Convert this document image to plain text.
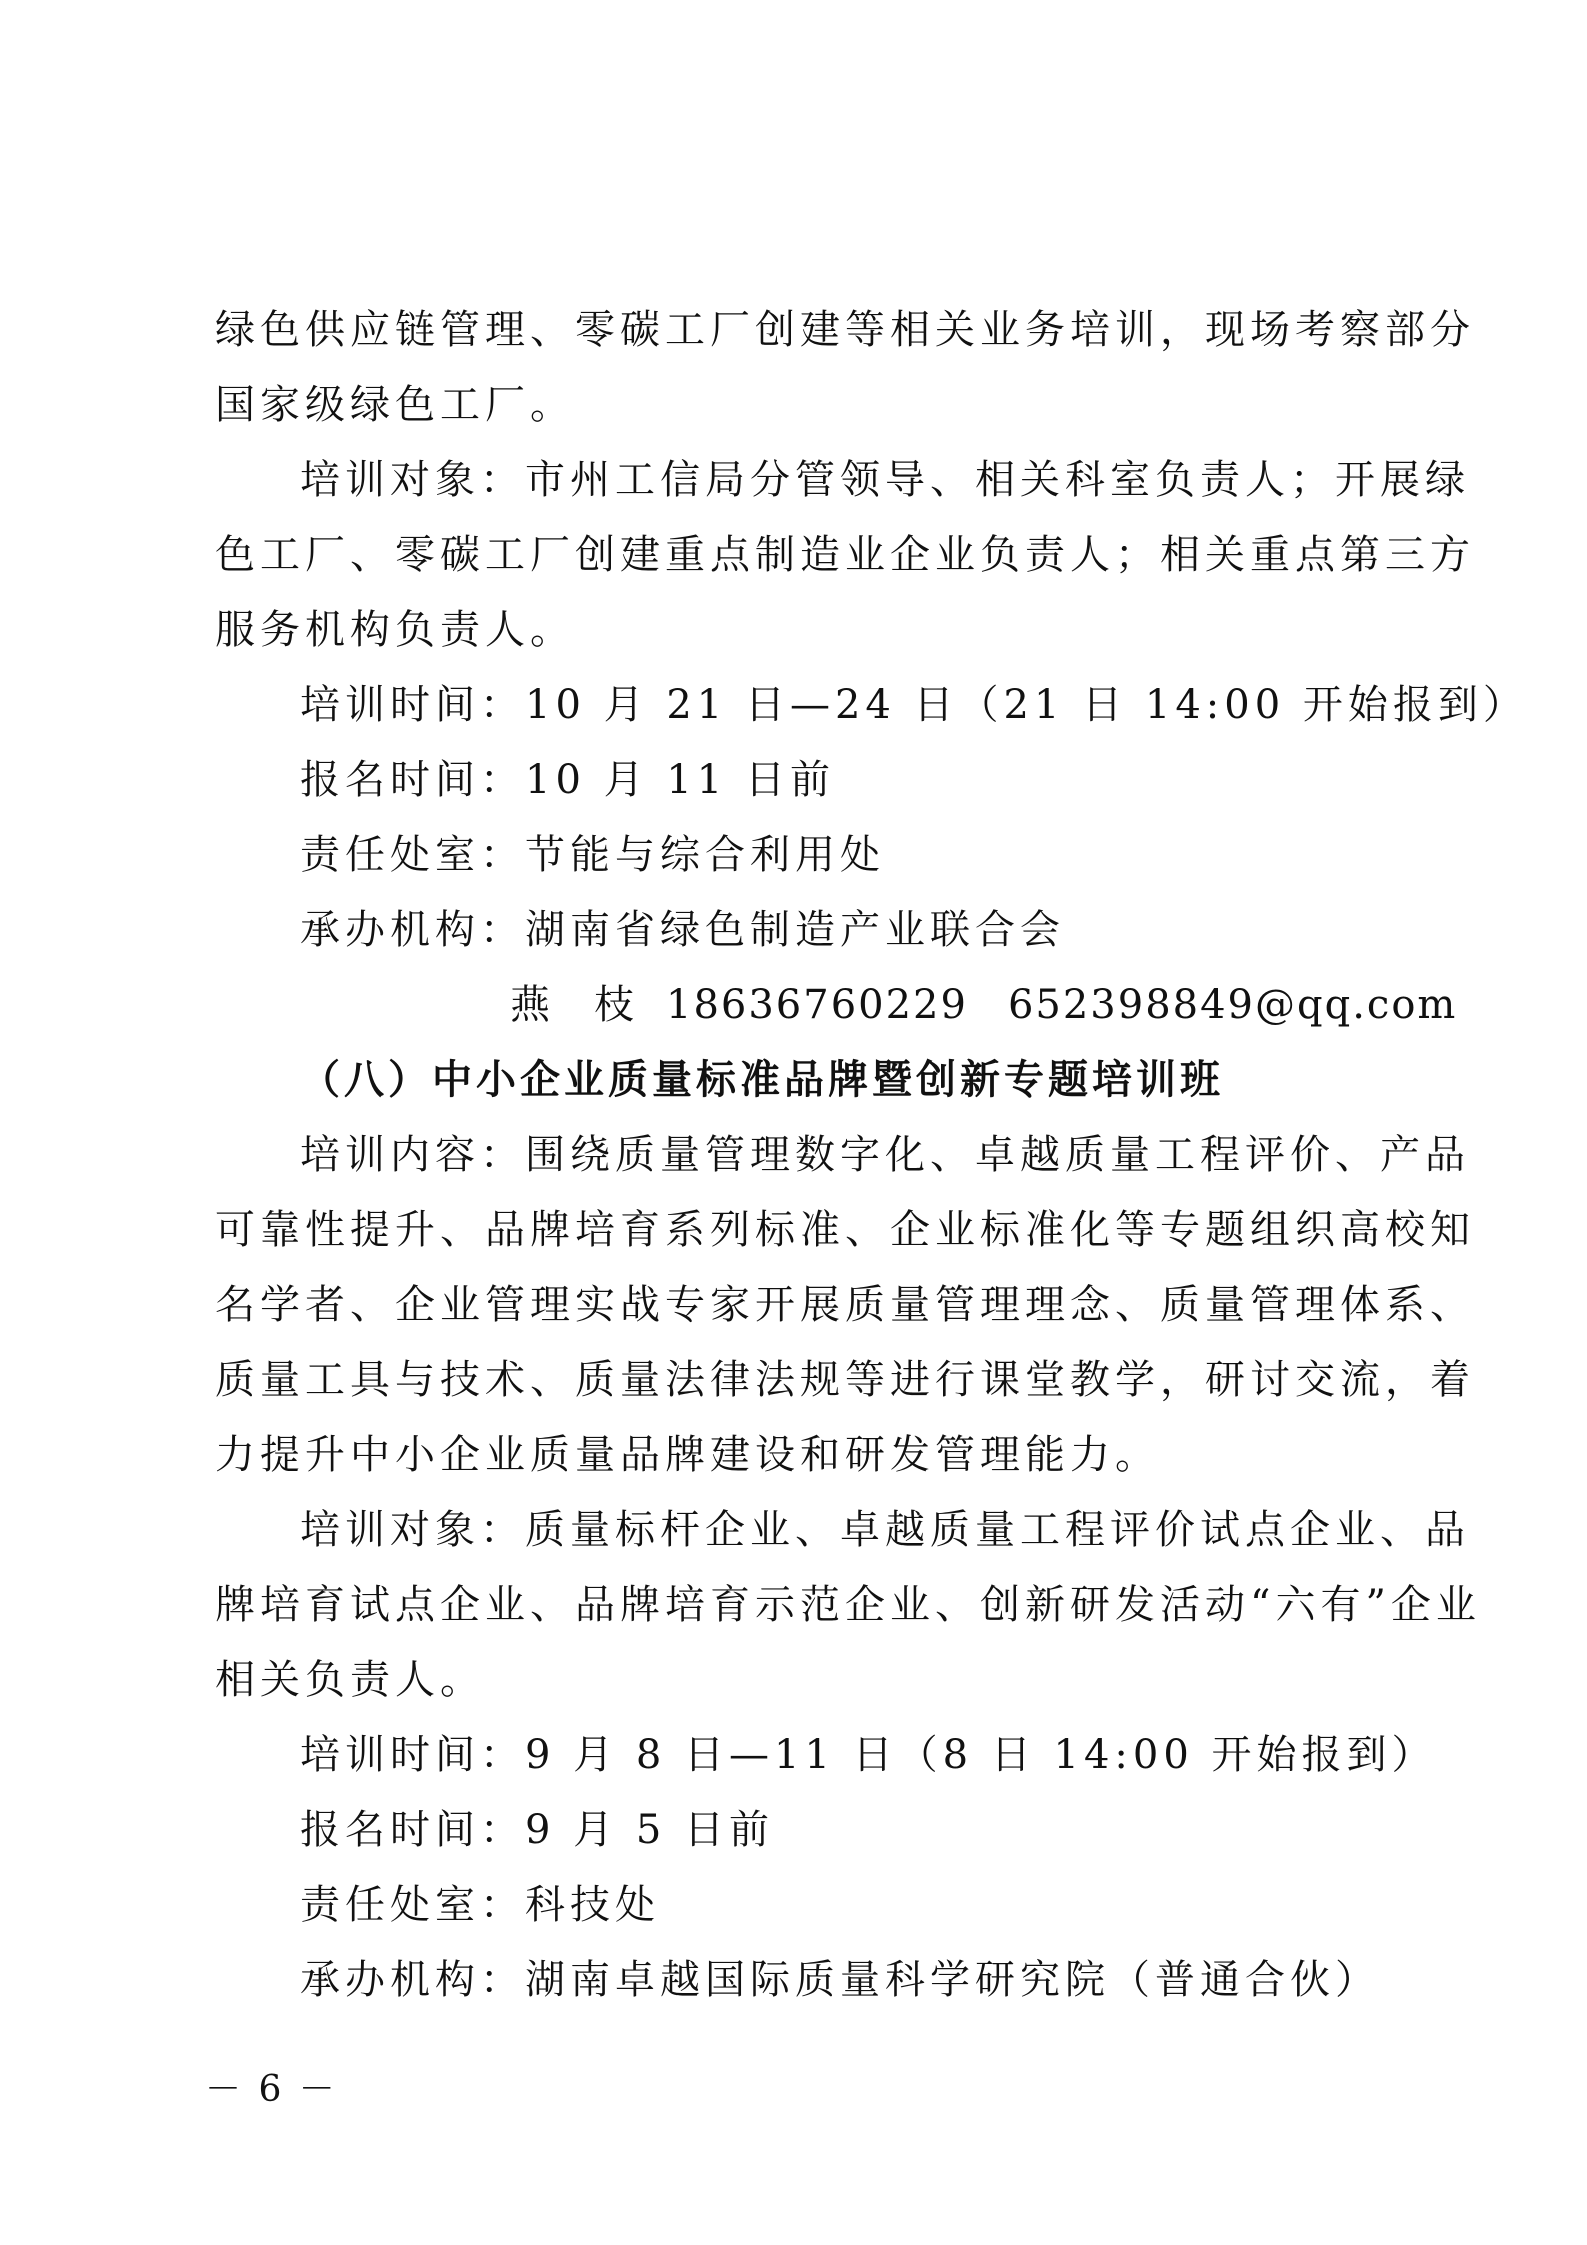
绿色供应链管理、零碳工厂创建等相关业务培训，现场考察部分
国家级绿色工厂。
培训对象：市州工信局分管领导、相关科室负责人；开展绿
色工厂、零碳工厂创建重点制造业企业负责人；相关重点第三方
服务机构负责人。
培训时间：10 月 21 日—24 日（21 日 14:00 开始报到）
报名时间：10 月 11 日前
责任处室：节能与综合利用处
承办机构：湖南省绿色制造产业联合会
燕　枝 18636760229 652398849@qq.com
（八）中小企业质量标准品牌暨创新专题培训班
培训内容：围绕质量管理数字化、卓越质量工程评价、产品
可靠性提升、品牌培育系列标准、企业标准化等专题组织高校知
名学者、企业管理实战专家开展质量管理理念、质量管理体系、
质量工具与技术、质量法律法规等进行课堂教学，研讨交流，着
力提升中小企业质量品牌建设和研发管理能力。
培训对象：质量标杆企业、卓越质量工程评价试点企业、品
牌培育试点企业、品牌培育示范企业、创新研发活动“六有”企业
相关负责人。
培训时间：9 月 8 日—11 日（8 日 14:00 开始报到）
报名时间：9 月 5 日前
责任处室：科技处
承办机构：湖南卓越国际质量科学研究院（普通合伙）
－ 6 －
